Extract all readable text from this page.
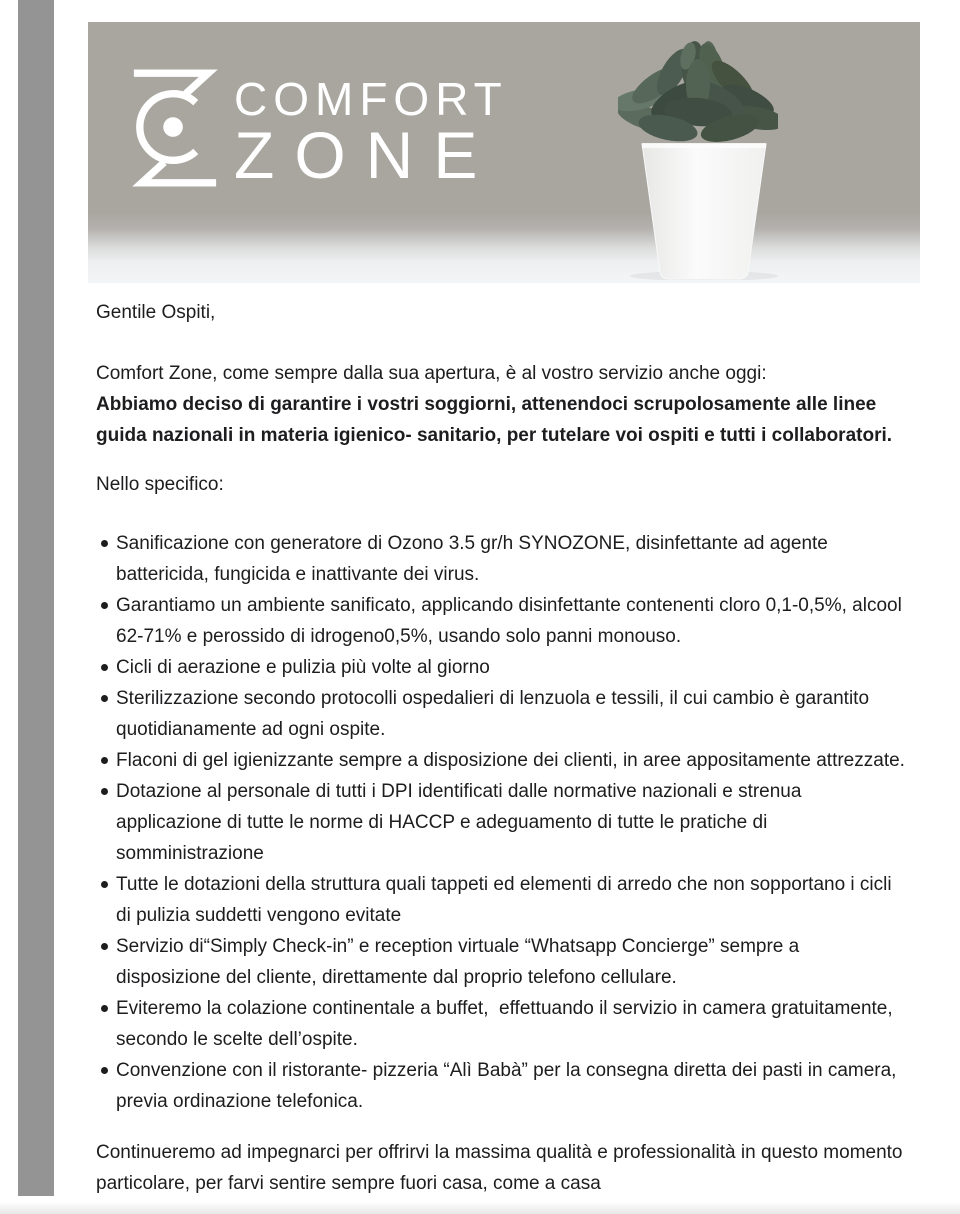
COMFORT
ZONE

Gentile Ospiti,

Comfort Zone, come sempre dalla sua apertura, è al vostro servizio anche oggi:
Abbiamo deciso di garantire i vostri soggiorni, attenendoci scrupolosamente alle linee guida nazionali in materia igienico- sanitario, per tutelare voi ospiti e tutti i collaboratori.

Nello specifico:

Sanificazione con generatore di Ozono 3.5 gr/h SYNOZONE, disinfettante ad agente battericida, fungicida e inattivante dei virus.
Garantiamo un ambiente sanificato, applicando disinfettante contenenti cloro 0,1-0,5%, alcool 62-71% e perossido di idrogeno0,5%, usando solo panni monouso.
Cicli di aerazione e pulizia più volte al giorno
Sterilizzazione secondo protocolli ospedalieri di lenzuola e tessili, il cui cambio è garantito quotidianamente ad ogni ospite.
Flaconi di gel igienizzante sempre a disposizione dei clienti, in aree appositamente attrezzate.
Dotazione al personale di tutti i DPI identificati dalle normative nazionali e strenua applicazione di tutte le norme di HACCP e adeguamento di tutte le pratiche di somministrazione
Tutte le dotazioni della struttura quali tappeti ed elementi di arredo che non sopportano i cicli di pulizia suddetti vengono evitate
Servizio di“Simply Check-in” e reception virtuale “Whatsapp Concierge” sempre a disposizione del cliente, direttamente dal proprio telefono cellulare.
Eviteremo la colazione continentale a buffet,  effettuando il servizio in camera gratuitamente, secondo le scelte dell’ospite.
Convenzione con il ristorante- pizzeria “Alì Babà” per la consegna diretta dei pasti in camera, previa ordinazione telefonica.

Continueremo ad impegnarci per offrirvi la massima qualità e professionalità in questo momento particolare, per farvi sentire sempre fuori casa, come a casa
